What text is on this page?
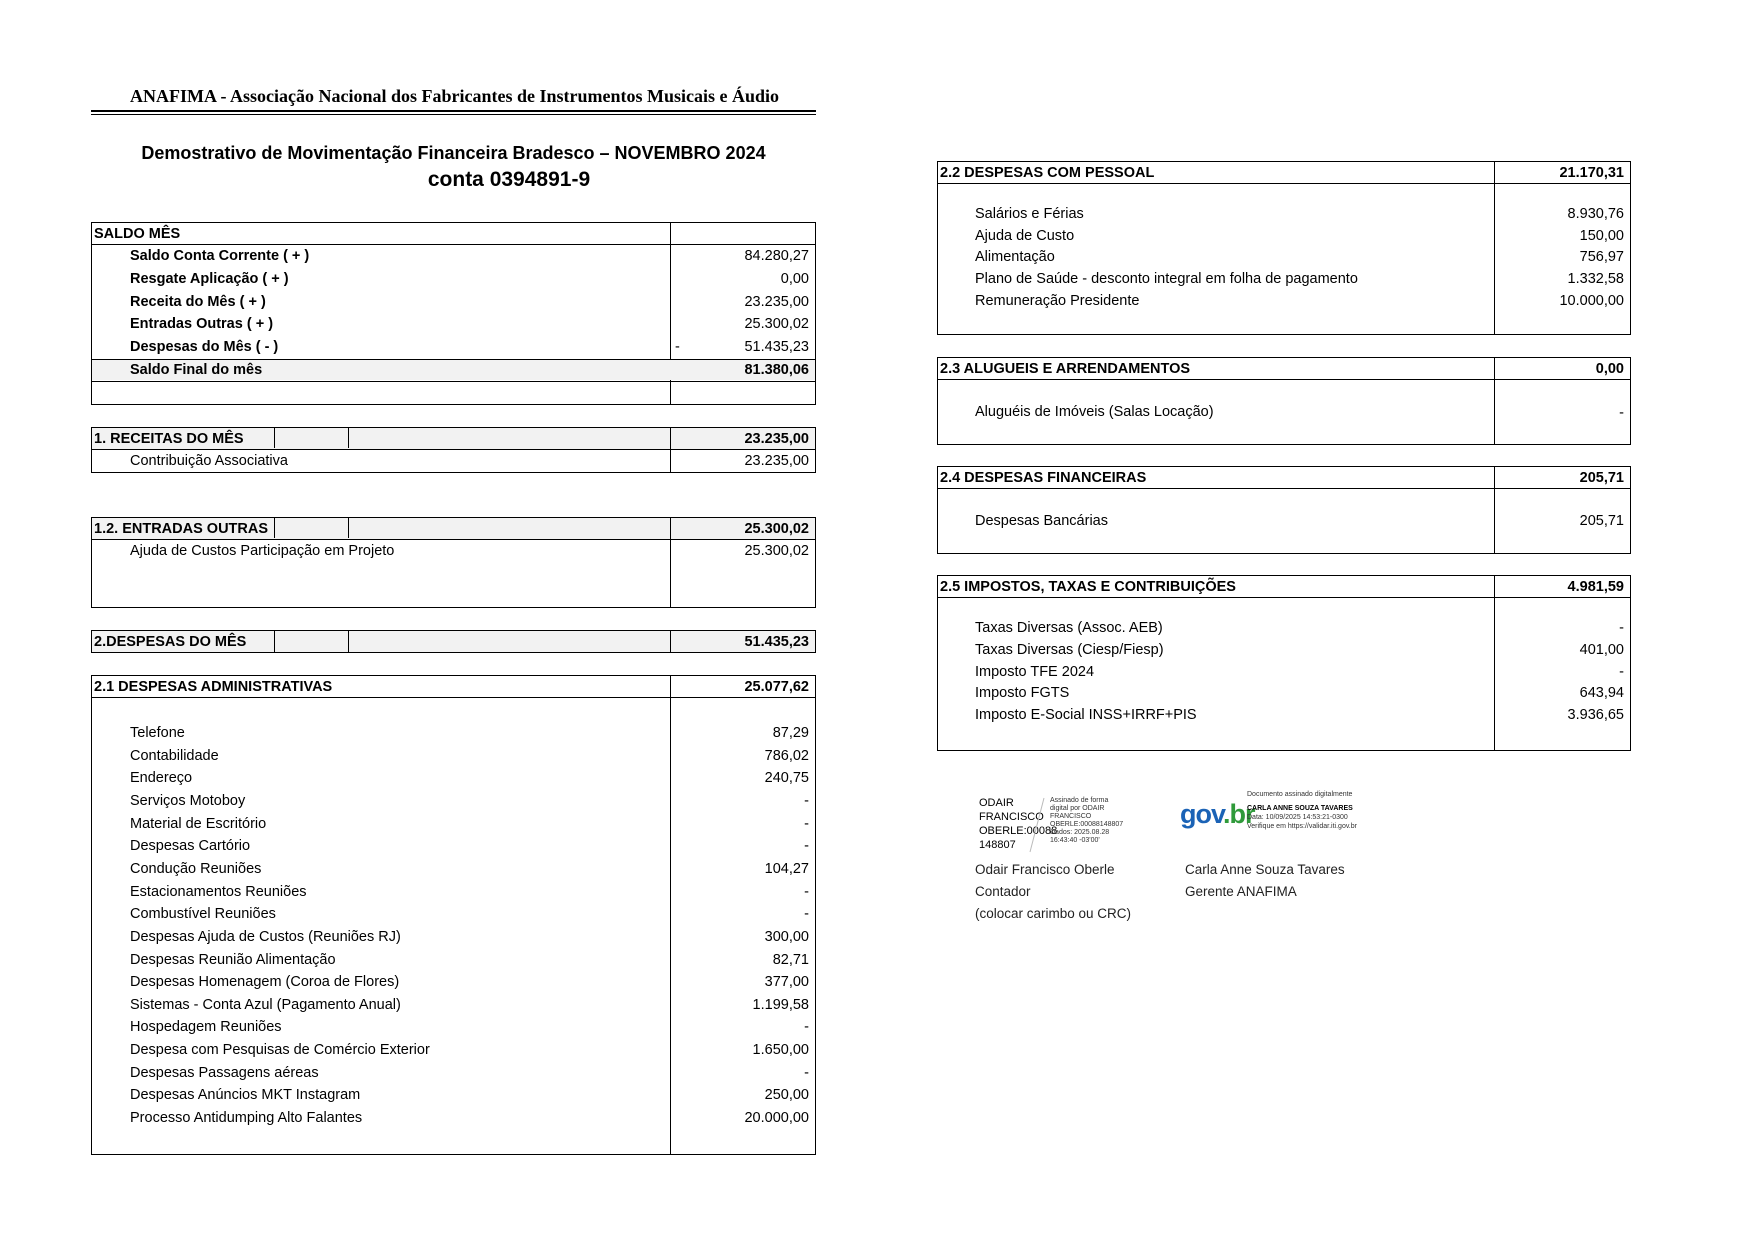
ANAFIMA - Associação Nacional dos Fabricantes de Instrumentos Musicais e Áudio
Demostrativo de Movimentação Financeira Bradesco – NOVEMBRO 2024
conta 0394891-9
SALDO MÊS
Saldo Conta Corrente ( + )	84.280,27
Resgate Aplicação ( + )	0,00
Receita do Mês ( + )	23.235,00
Entradas Outras ( + )	25.300,02
Despesas do Mês ( - )	-	51.435,23
Saldo Final do mês	81.380,06
1. RECEITAS DO MÊS	23.235,00
Contribuição Associativa	23.235,00
1.2. ENTRADAS OUTRAS	25.300,02
Ajuda de Custos Participação em Projeto	25.300,02
2.DESPESAS DO MÊS	51.435,23
2.1 DESPESAS ADMINISTRATIVAS	25.077,62
Telefone	87,29
Contabilidade	786,02
Endereço	240,75
Serviços Motoboy	-
Material de Escritório	-
Despesas Cartório	-
Condução Reuniões	104,27
Estacionamentos Reuniões	-
Combustível Reuniões	-
Despesas Ajuda de Custos (Reuniões RJ)	300,00
Despesas Reunião Alimentação	82,71
Despesas Homenagem (Coroa de Flores)	377,00
Sistemas - Conta Azul (Pagamento Anual)	1.199,58
Hospedagem Reuniões	-
Despesa com Pesquisas de Comércio Exterior	1.650,00
Despesas Passagens aéreas	-
Despesas Anúncios MKT Instagram	250,00
Processo Antidumping Alto Falantes	20.000,00
2.2 DESPESAS COM PESSOAL	21.170,31
Salários e Férias	8.930,76
Ajuda de Custo	150,00
Alimentação	756,97
Plano de Saúde - desconto integral em folha de pagamento	1.332,58
Remuneração Presidente	10.000,00
2.3 ALUGUEIS E ARRENDAMENTOS	0,00
Aluguéis de Imóveis (Salas Locação)	-
2.4 DESPESAS FINANCEIRAS	205,71
Despesas Bancárias	205,71
2.5 IMPOSTOS, TAXAS E CONTRIBUIÇÕES	4.981,59
Taxas Diversas (Assoc. AEB)	-
Taxas Diversas (Ciesp/Fiesp)	401,00
Imposto TFE 2024	-
Imposto FGTS	643,94
Imposto E-Social INSS+IRRF+PIS	3.936,65
ODAIR
FRANCISCO
OBERLE:00088
148807
Assinado de forma
digital por ODAIR
FRANCISCO
OBERLE:00088148807
Dados: 2025.08.28
16:43:40 -03'00'
Odair Francisco Oberle
Contador
(colocar carimbo ou CRC)
gov.br
Documento assinado digitalmente
CARLA ANNE SOUZA TAVARES
Data: 10/09/2025 14:53:21-0300
Verifique em https://validar.iti.gov.br
Carla Anne Souza Tavares
Gerente ANAFIMA
